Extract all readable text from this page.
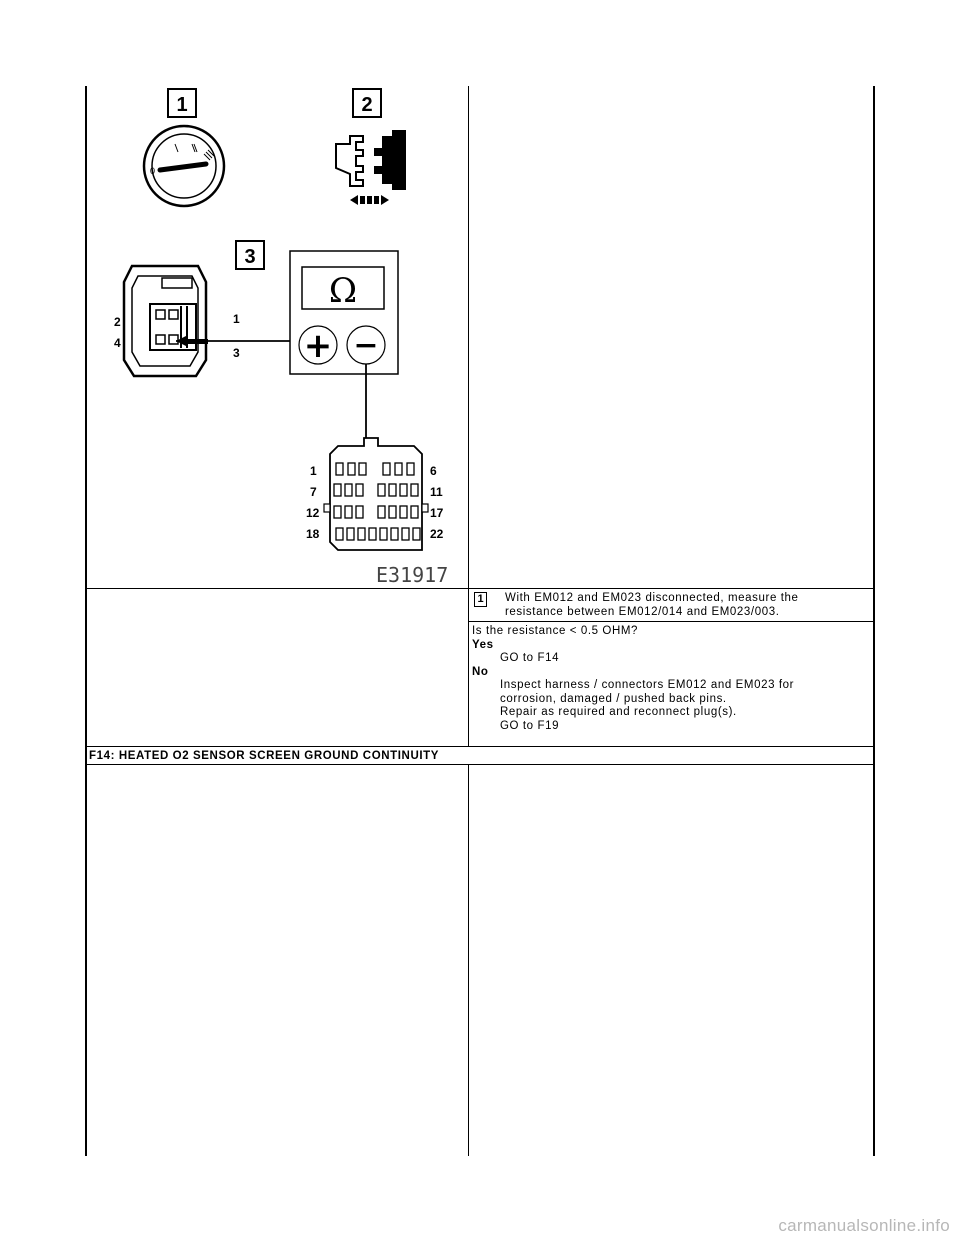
1	2
3
0
2	1
4
3
Ω
+ −
1	6
7	11
12	17
18	22
E31917
1 With EM012 and EM023 disconnected, measure the
resistance between EM012/014 and EM023/003.
Is the resistance < 0.5 OHM?
Yes
GO to F14
No
Inspect harness / connectors EM012 and EM023 for
corrosion, damaged / pushed back pins.
Repair as required and reconnect plug(s).
GO to F19
F14: HEATED O2 SENSOR SCREEN GROUND CONTINUITY
carmanualsonline.info
